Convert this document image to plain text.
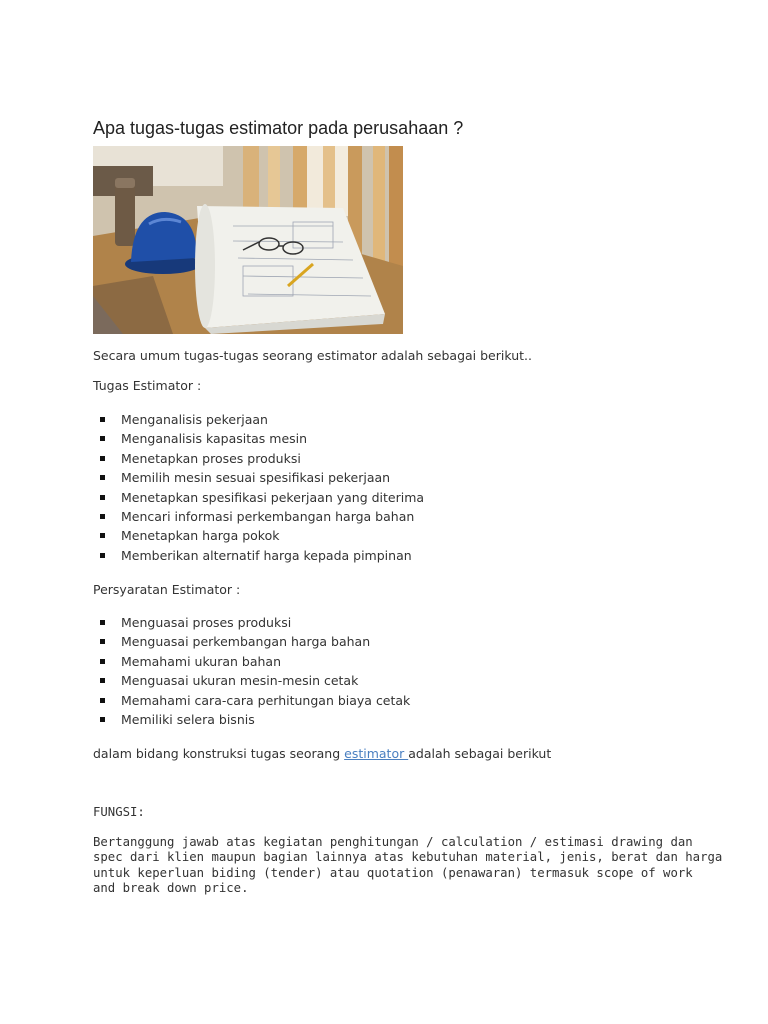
Apa tugas-tugas estimator pada perusahaan ?
Secara umum tugas-tugas seorang estimator adalah sebagai berikut..
Tugas Estimator :
Menganalisis pekerjaan
Menganalisis kapasitas mesin
Menetapkan proses produksi
Memilih mesin sesuai spesifikasi pekerjaan
Menetapkan spesifikasi pekerjaan yang diterima
Mencari informasi perkembangan harga bahan
Menetapkan harga pokok
Memberikan alternatif harga kepada pimpinan
Persyaratan Estimator :
Menguasai proses produksi
Menguasai perkembangan harga bahan
Memahami ukuran bahan
Menguasai ukuran mesin-mesin cetak
Memahami cara-cara perhitungan biaya cetak
Memiliki selera bisnis
dalam bidang konstruksi tugas seorang estimator adalah sebagai berikut
FUNGSI:

Bertanggung jawab atas kegiatan penghitungan / calculation / estimasi drawing dan
spec dari klien maupun bagian lainnya atas kebutuhan material, jenis, berat dan harga
untuk keperluan biding (tender) atau quotation (penawaran) termasuk scope of work
and break down price.
